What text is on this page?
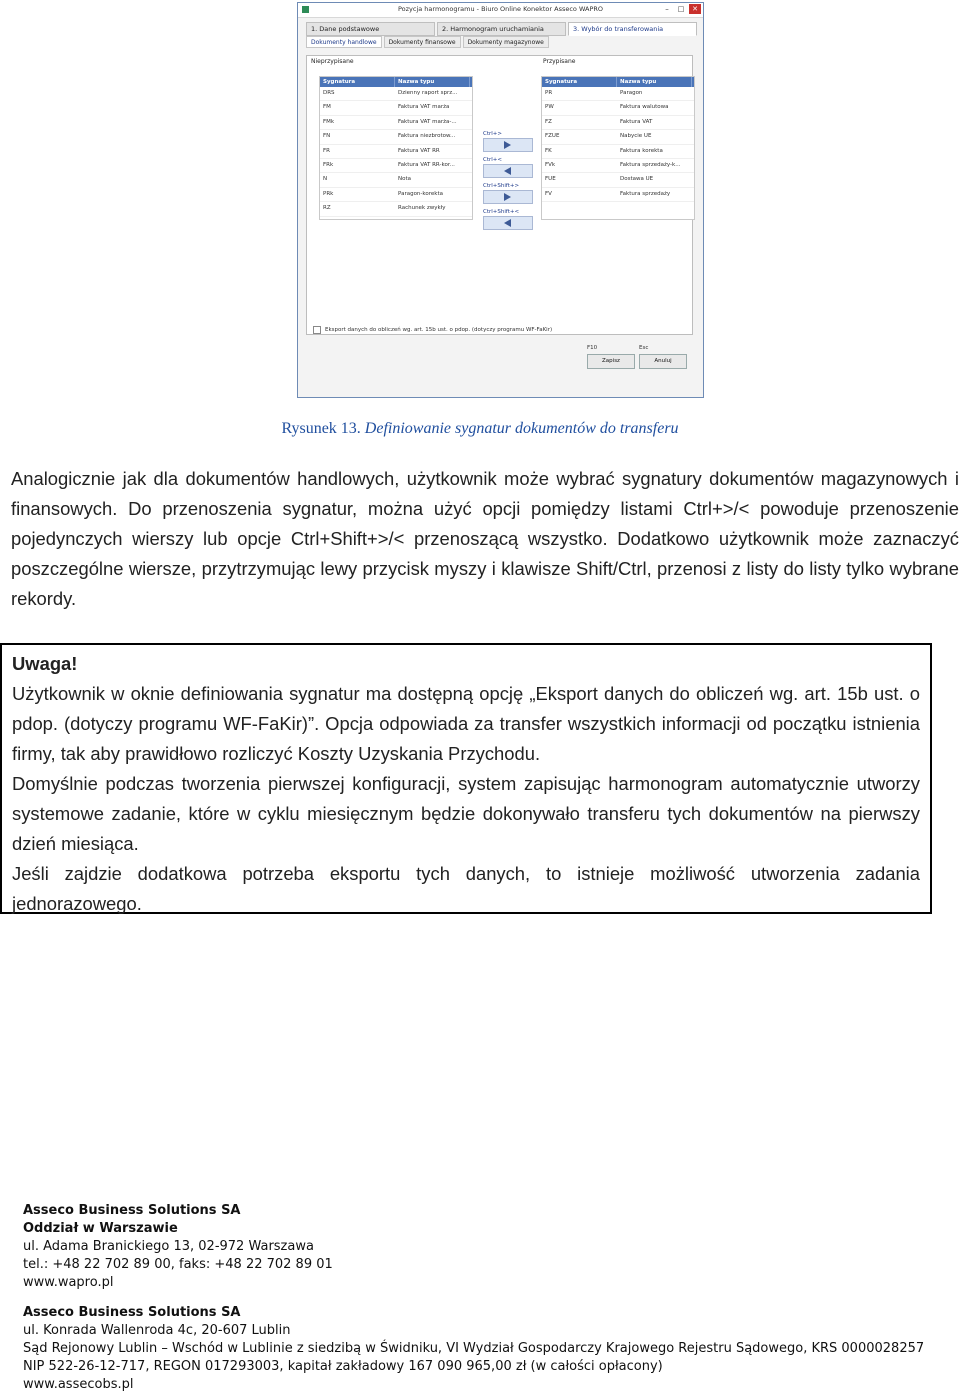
Pozycja harmonogramu - Biuro Online Konektor Asseco WAPRO	–	□	✕
1. Dane podstawowe	2. Harmonogram uruchamiania	3. Wybór do transferowania
Dokumenty handlowe	Dokumenty finansowe	Dokumenty magazynowe
Nieprzypisane	Przypisane
Sygnatura	Nazwa typu
DRS	Dzienny raport sprz...
FM	Faktura VAT marża
FMk	Faktura VAT marża-...
FN	Faktura niezbrotow...
FR	Faktura VAT RR
FRk	Faktura VAT RR-kor...
N	Nota
PRk	Paragon-korekta
RZ	Rachunek zwykły
Ctrl+>
Ctrl+<
Ctrl+Shift+>
Ctrl+Shift+<
Sygnatura	Nazwa typu
PR	Paragon
PW	Faktura walutowa
FZ	Faktura VAT
FZUE	Nabycie UE
FK	Faktura korekta
FVk	Faktura sprzedaży-k...
FUE	Dostawa UE
FV	Faktura sprzedaży
Eksport danych do obliczeń wg. art. 15b ust. o pdop. (dotyczy programu WF-FaKir)
F10
Zapisz
Esc
Anuluj
Rysunek 13. Definiowanie sygnatur dokumentów do transferu
Analogicznie jak dla dokumentów handlowych, użytkownik może wybrać sygnatury dokumentów magazynowych i finansowych. Do przenoszenia sygnatur, można użyć opcji pomiędzy listami Ctrl+>/< powoduje przenoszenie pojedynczych wierszy lub opcje Ctrl+Shift+>/< przenoszącą wszystko. Dodatkowo użytkownik może zaznaczyć poszczególne wiersze, przytrzymując lewy przycisk myszy i klawisze Shift/Ctrl, przenosi z listy do listy tylko wybrane rekordy.
Uwaga!

Użytkownik w oknie definiowania sygnatur ma dostępną opcję „Eksport danych do obliczeń wg. art. 15b ust. o pdop. (dotyczy programu WF-FaKir)”. Opcja odpowiada za transfer wszystkich informacji od początku istnienia firmy, tak aby prawidłowo rozliczyć Koszty Uzyskania Przychodu.

Domyślnie podczas tworzenia pierwszej konfiguracji, system zapisując harmonogram automatycznie utworzy systemowe zadanie, które w cyklu miesięcznym będzie dokonywało transferu tych dokumentów na pierwszy dzień miesiąca.

Jeśli zajdzie dodatkowa potrzeba eksportu tych danych, to istnieje możliwość utworzenia zadania jednorazowego.

Asseco Business Solutions SA
Oddział w Warszawie
ul. Adama Branickiego 13, 02-972 Warszawa
tel.: +48 22 702 89 00, faks: +48 22 702 89 01
www.wapro.pl
Asseco Business Solutions SA
ul. Konrada Wallenroda 4c, 20-607 Lublin
Sąd Rejonowy Lublin – Wschód w Lublinie z siedzibą w Świdniku, VI Wydział Gospodarczy Krajowego Rejestru Sądowego, KRS 0000028257
NIP 522-26-12-717, REGON 017293003, kapitał zakładowy 167 090 965,00 zł (w całości opłacony)
www.assecobs.pl
